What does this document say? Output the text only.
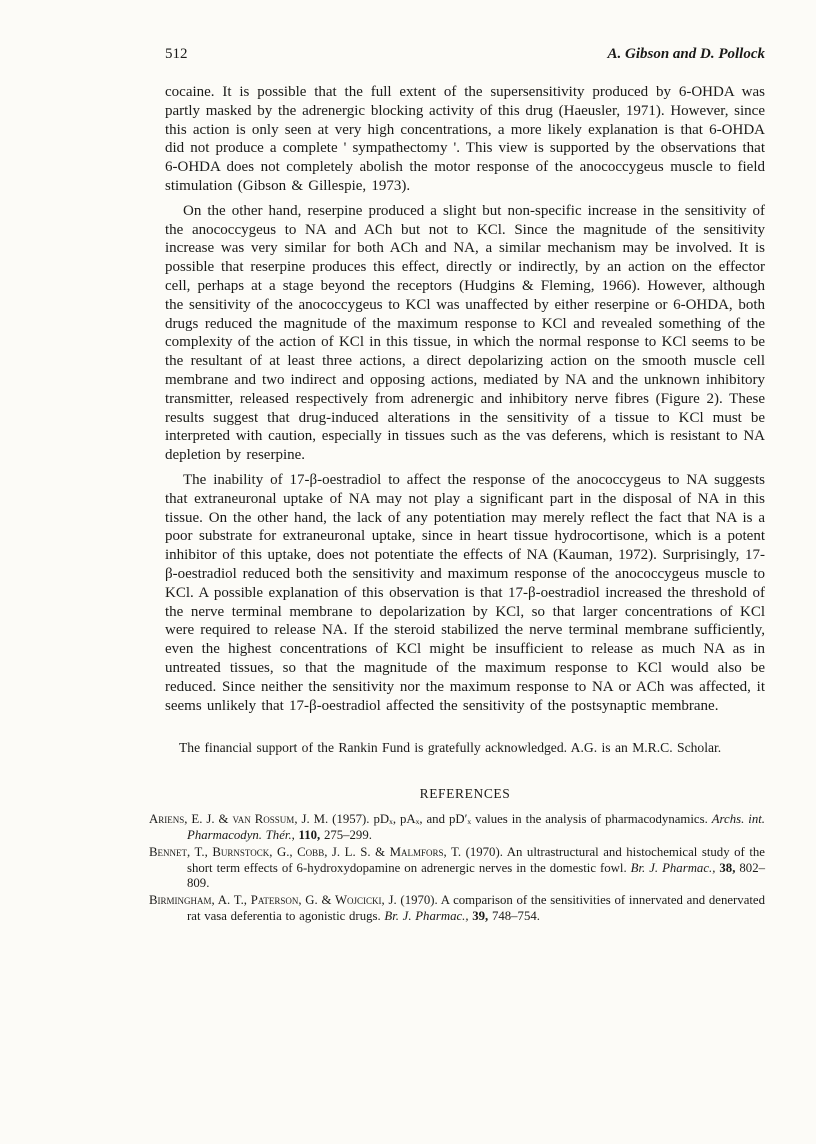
512	A. Gibson and D. Pollock

cocaine. It is possible that the full extent of the supersensitivity produced by 6-OHDA was partly masked by the adrenergic blocking activity of this drug (Haeusler, 1971). However, since this action is only seen at very high concentrations, a more likely explanation is that 6-OHDA did not produce a complete ' sympathectomy '. This view is supported by the observations that 6-OHDA does not completely abolish the motor response of the anococcygeus muscle to field stimulation (Gibson & Gillespie, 1973).

On the other hand, reserpine produced a slight but non-specific increase in the sensitivity of the anococcygeus to NA and ACh but not to KCl. Since the magnitude of the sensitivity increase was very similar for both ACh and NA, a similar mechanism may be involved. It is possible that reserpine produces this effect, directly or indirectly, by an action on the effector cell, perhaps at a stage beyond the receptors (Hudgins & Fleming, 1966). However, although the sensitivity of the anococcygeus to KCl was unaffected by either reserpine or 6-OHDA, both drugs reduced the magnitude of the maximum response to KCl and revealed something of the complexity of the action of KCl in this tissue, in which the normal response to KCl seems to be the resultant of at least three actions, a direct depolarizing action on the smooth muscle cell membrane and two indirect and opposing actions, mediated by NA and the unknown inhibitory transmitter, released respectively from adrenergic and inhibitory nerve fibres (Figure 2). These results suggest that drug-induced alterations in the sensitivity of a tissue to KCl must be interpreted with caution, especially in tissues such as the vas deferens, which is resistant to NA depletion by reserpine.

The inability of 17-β-oestradiol to affect the response of the anococcygeus to NA suggests that extraneuronal uptake of NA may not play a significant part in the disposal of NA in this tissue. On the other hand, the lack of any potentiation may merely reflect the fact that NA is a poor substrate for extraneuronal uptake, since in heart tissue hydrocortisone, which is a potent inhibitor of this uptake, does not potentiate the effects of NA (Kauman, 1972). Surprisingly, 17-β-oestradiol reduced both the sensitivity and maximum response of the anococcygeus muscle to KCl. A possible explanation of this observation is that 17-β-oestradiol increased the threshold of the nerve terminal membrane to depolarization by KCl, so that larger concentrations of KCl were required to release NA. If the steroid stabilized the nerve terminal membrane sufficiently, even the highest concentrations of KCl might be insufficient to release as much NA as in untreated tissues, so that the magnitude of the maximum response to KCl would also be reduced. Since neither the sensitivity nor the maximum response to NA or ACh was affected, it seems unlikely that 17-β-oestradiol affected the sensitivity of the postsynaptic membrane.

The financial support of the Rankin Fund is gratefully acknowledged. A.G. is an M.R.C. Scholar.

REFERENCES

Ariens, E. J. & van Rossum, J. M. (1957). pDₓ, pAₓ, and pD′ₓ values in the analysis of pharmacodynamics. Archs. int. Pharmacodyn. Thér., 110, 275–299.

Bennet, T., Burnstock, G., Cobb, J. L. S. & Malmfors, T. (1970). An ultrastructural and histochemical study of the short term effects of 6-hydroxydopamine on adrenergic nerves in the domestic fowl. Br. J. Pharmac., 38, 802–809.

Birmingham, A. T., Paterson, G. & Wojcicki, J. (1970). A comparison of the sensitivities of innervated and denervated rat vasa deferentia to agonistic drugs. Br. J. Pharmac., 39, 748–754.
